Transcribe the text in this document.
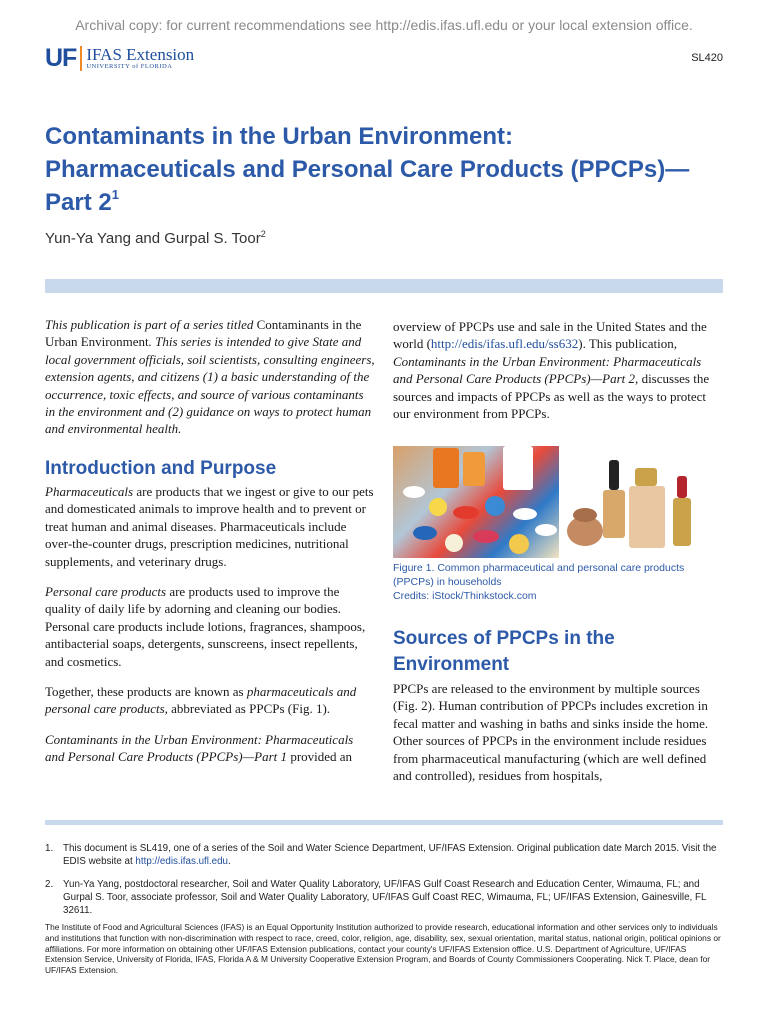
Archival copy: for current recommendations see http://edis.ifas.ufl.edu or your local extension office.
UF IFAS Extension
UNIVERSITY of FLORIDA
SL420
Contaminants in the Urban Environment:
Pharmaceuticals and Personal Care Products (PPCPs)—
Part $2^1$
Yun-Ya Yang and Gurpal S. Toor$^2$

This publication is part of a series titled Contaminants in the Urban Environment. This series is intended to give State and local government officials, soil scientists, consulting engineers, extension agents, and citizens (1) a basic understanding of the occurrence, toxic effects, and source of various contaminants in the environment and (2) guidance on ways to protect human and environmental health.

Introduction and Purpose

Pharmaceuticals are products that we ingest or give to our pets and domesticated animals to improve health and to prevent or treat human and animal diseases. Pharmaceuticals include over-the-counter drugs, prescription medicines, nutritional supplements, and veterinary drugs.

Personal care products are products used to improve the quality of daily life by adorning and cleaning our bodies. Personal care products include lotions, fragrances, shampoos, antibacterial soaps, detergents, sunscreens, insect repellents, and cosmetics.

Together, these products are known as pharmaceuticals and personal care products, abbreviated as PPCPs (Fig. 1).

Contaminants in the Urban Environment: Pharmaceuticals and Personal Care Products (PPCPs)—Part 1 provided an

overview of PPCPs use and sale in the United States and the world (http://edis/ifas.ufl.edu/ss632). This publication, Contaminants in the Urban Environment: Pharmaceuticals and Personal Care Products (PPCPs)—Part 2, discusses the sources and impacts of PPCPs as well as the ways to protect our environment from PPCPs.

Figure 1. Common pharmaceutical and personal care products (PPCPs) in households
Credits: iStock/Thinkstock.com
Sources of PPCPs in the Environment

PPCPs are released to the environment by multiple sources (Fig. 2). Human contribution of PPCPs includes excretion in fecal matter and washing in baths and sinks inside the home. Other sources of PPCPs in the environment include residues from pharmaceutical manufacturing (which are well defined and controlled), residues from hospitals,

1.	This document is SL419, one of a series of the Soil and Water Science Department, UF/IFAS Extension. Original publication date March 2015. Visit the EDIS website at http://edis.ifas.ufl.edu.
2.	Yun-Ya Yang, postdoctoral researcher, Soil and Water Quality Laboratory, UF/IFAS Gulf Coast Research and Education Center, Wimauma, FL; and Gurpal S. Toor, associate professor, Soil and Water Quality Laboratory, UF/IFAS Gulf Coast REC, Wimauma, FL; UF/IFAS Extension, Gainesville, FL 32611.
The Institute of Food and Agricultural Sciences (IFAS) is an Equal Opportunity Institution authorized to provide research, educational information and other services only to individuals and institutions that function with non-discrimination with respect to race, creed, color, religion, age, disability, sex, sexual orientation, marital status, national origin, political opinions or affiliations. For more information on obtaining other UF/IFAS Extension publications, contact your county's UF/IFAS Extension office. U.S. Department of Agriculture, UF/IFAS Extension Service, University of Florida, IFAS, Florida A & M University Cooperative Extension Program, and Boards of County Commissioners Cooperating. Nick T. Place, dean for UF/IFAS Extension.
